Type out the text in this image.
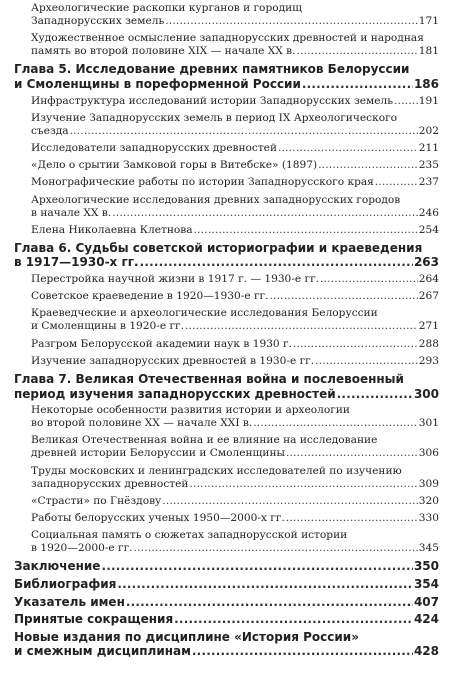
Археологические раскопки курганов и городищ
Западнорусских земель .....	171
Художественное осмысление западнорусских древностей и народная
память во второй половине XIX — начале XX в. .....	181
Глава 5. Исследование древних памятников Белоруссии
и Смоленщины в пореформенной России .....	186
Инфраструктура исследований истории Западнорусских земель ..... 191
Изучение Западнорусских земель в период IX Археологического
съезда .....	202
Исследователи западнорусских древностей .....	211
«Дело о срытии Замковой горы в Витебске» (1897) .....	235
Монографические работы по истории Западнорусского края .....	237
Археологические исследования древних западнорусских городов
в начале XX в. .....	246
Елена Николаевна Клетнова .....	254
Глава 6. Судьбы советской историографии и краеведения
в 1917—1930-х гг. .....	263
Перестройка научной жизни в 1917 г. — 1930-е гг. .....	264
Советское краеведение в 1920—1930-е гг. .....	267
Краеведческие и археологические исследования Белоруссии
и Смоленщины в 1920-е гг. .....	271
Разгром Белорусской академии наук в 1930 г. .....	288
Изучение западнорусских древностей в 1930-е гг. .....	293
Глава 7. Великая Отечественная война и послевоенный
период изучения западнорусских древностей .....	300
Некоторые особенности развития истории и археологии
во второй половине XX — начале XXI в. .....	301
Великая Отечественная война и ее влияние на исследование
древней истории Белоруссии и Смоленщины .....	306
Труды московских и ленинградских исследователей по изучению
западнорусских древностей .....	309
«Страсти» по Гнёздову .....	320
Работы белорусских ученых 1950—2000-х гг. .....	330
Социальная память о сюжетах западнорусской истории
в 1920—2000-е гг. .....	345
Заключение .....	350
Библиография .....	354
Указатель имен .....	407
Принятые сокращения .....	424
Новые издания по дисциплине «История России»
и смежным дисциплинам .....	428
